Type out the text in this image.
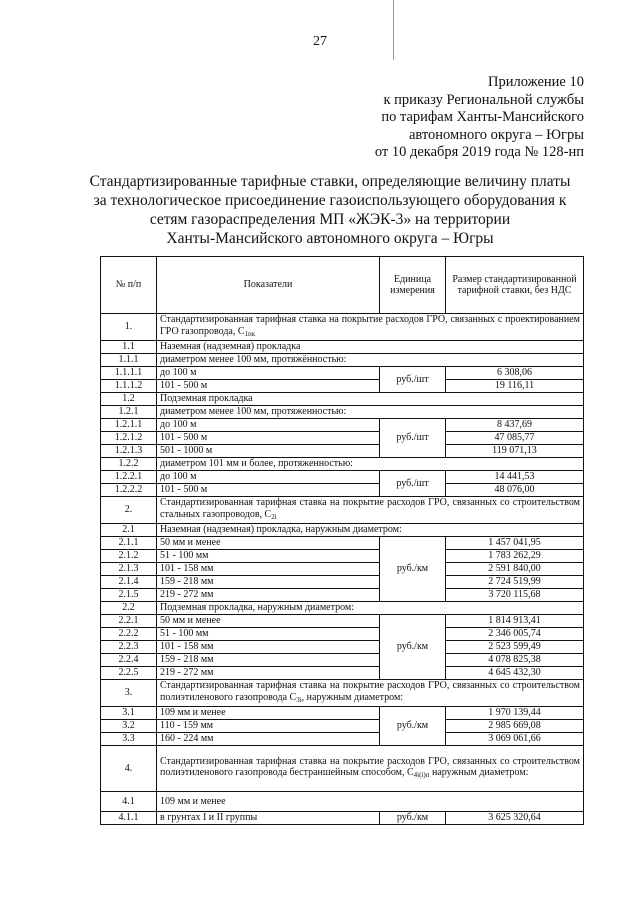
27
Приложение 10
к приказу Региональной службы
по тарифам Ханты-Мансийского
автономного округа – Югры
от 10 декабря 2019 года № 128-нп
Стандартизированные тарифные ставки, определяющие величину платы
за технологическое присоединение газоиспользующего оборудования к
сетям газораспределения МП «ЖЭК-3» на территории
Ханты-Мансийского автономного округа – Югры
№ п/п	Показатели	Единица измерения	Размер стандартизированной тарифной ставки, без НДС
1.	Стандартизированная тарифная ставка на покрытие расходов ГРО, связанных с проектированием ГРО газопровода, $C_{1пк}$
1.1	Наземная (надземная) прокладка		
1.1.1	диаметром менее 100 мм, протяжённостью:		
1.1.1.1	до 100 м	руб./шт	6 308,06
1.1.1.2	101 - 500 м		19 116,11
1.2	Подземная прокладка		
1.2.1	диаметром менее 100 мм, протяженностью:		
1.2.1.1	до 100 м	руб./шт	8 437,69
1.2.1.2	101 - 500 м		47 085,77
1.2.1.3	501 - 1000 м		119 071,13
1.2.2	диаметром 101 мм и более, протяженностью:		
1.2.2.1	до 100 м	руб./шт	14 441,53
1.2.2.2	101 - 500 м		48 076,00
2.	Стандартизированная тарифная ставка на покрытие расходов ГРО, связанных со строительством стальных газопроводов, $C_{2i}$
2.1	Наземная (надземная) прокладка, наружным диаметром:		
2.1.1	50 мм и менее	руб./км	1 457 041,95
2.1.2	51 - 100 мм		1 783 262,29
2.1.3	101 - 158 мм		2 591 840,00
2.1.4	159 - 218 мм		2 724 519,99
2.1.5	219 - 272 мм		3 720 115,68
2.2	Подземная прокладка, наружным диаметром:		
2.2.1	50 мм и менее	руб./км	1 814 913,41
2.2.2	51 - 100 мм		2 346 005,74
2.2.3	101 - 158 мм		2 523 599,49
2.2.4	159 - 218 мм		4 078 825,38
2.2.5	219 - 272 мм		4 645 432,30
3.	Стандартизированная тарифная ставка на покрытие расходов ГРО, связанных со строительством полиэтиленового газопровода $C_{3i}$, наружным диаметром:		
3.1	109 мм и менее	руб./км	1 970 139,44
3.2	110 - 159 мм		2 985 669,08
3.3	160 - 224 мм		3 069 061,66
4.	Стандартизированная тарифная ставка на покрытие расходов ГРО, связанных со строительством полиэтиленового газопровода бестраншейным способом, $C_{4i(i)п}$ наружным диаметром:		
4.1	109 мм и менее		
4.1.1	в грунтах I и II группы	руб./км	3 625 320,64
